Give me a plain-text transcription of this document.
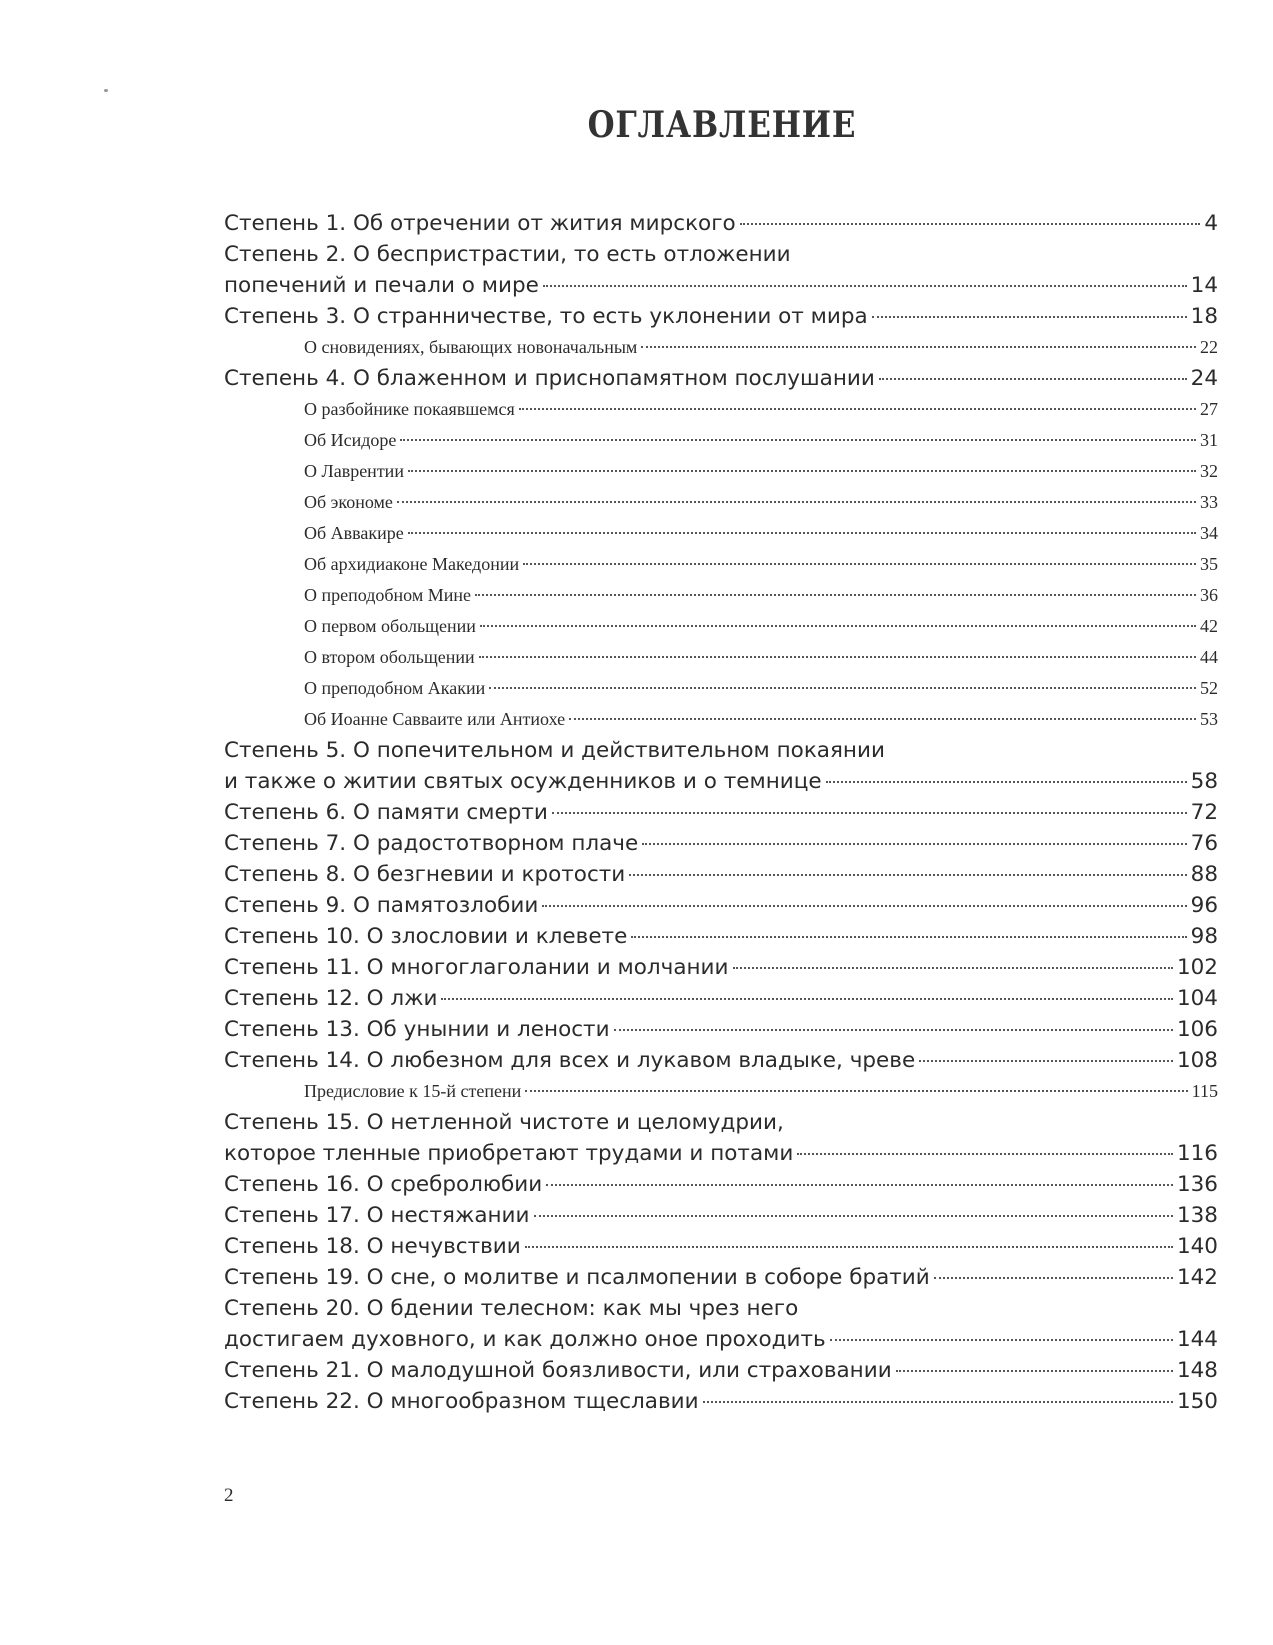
ОГЛАВЛЕНИЕ
Степень 1. Об отречении от жития мирского	4
Степень 2. О беспристрастии, то есть отложении
попечений и печали о мире	14
Степень 3. О странничестве, то есть уклонении от мира	18
О сновидениях, бывающих новоначальным	22
Степень 4. О блаженном и приснопамятном послушании	24
О разбойнике покаявшемся	27
Об Исидоре	31
О Лаврентии	32
Об экономе	33
Об Аввакире	34
Об архидиаконе Македонии	35
О преподобном Мине	36
О первом обольщении	42
О втором обольщении	44
О преподобном Акакии	52
Об Иоанне Савваите или Антиохе	53
Степень 5. О попечительном и действительном покаянии
и также о житии святых осужденников и о темнице	58
Степень 6. О памяти смерти	72
Степень 7. О радостотворном плаче	76
Степень 8. О безгневии и кротости	88
Степень 9. О памятозлобии	96
Степень 10. О злословии и клевете	98
Степень 11. О многоглаголании и молчании	102
Степень 12. О лжи	104
Степень 13. Об унынии и лености	106
Степень 14. О любезном для всех и лукавом владыке, чреве	108
Предисловие к 15-й степени	115
Степень 15. О нетленной чистоте и целомудрии,
которое тленные приобретают трудами и потами	116
Степень 16. О сребролюбии	136
Степень 17. О нестяжании	138
Степень 18. О нечувствии	140
Степень 19. О сне, о молитве и псалмопении в соборе братий	142
Степень 20. О бдении телесном: как мы чрез него
достигаем духовного, и как должно оное проходить	144
Степень 21. О малодушной боязливости, или страховании	148
Степень 22. О многообразном тщеславии	150
2
